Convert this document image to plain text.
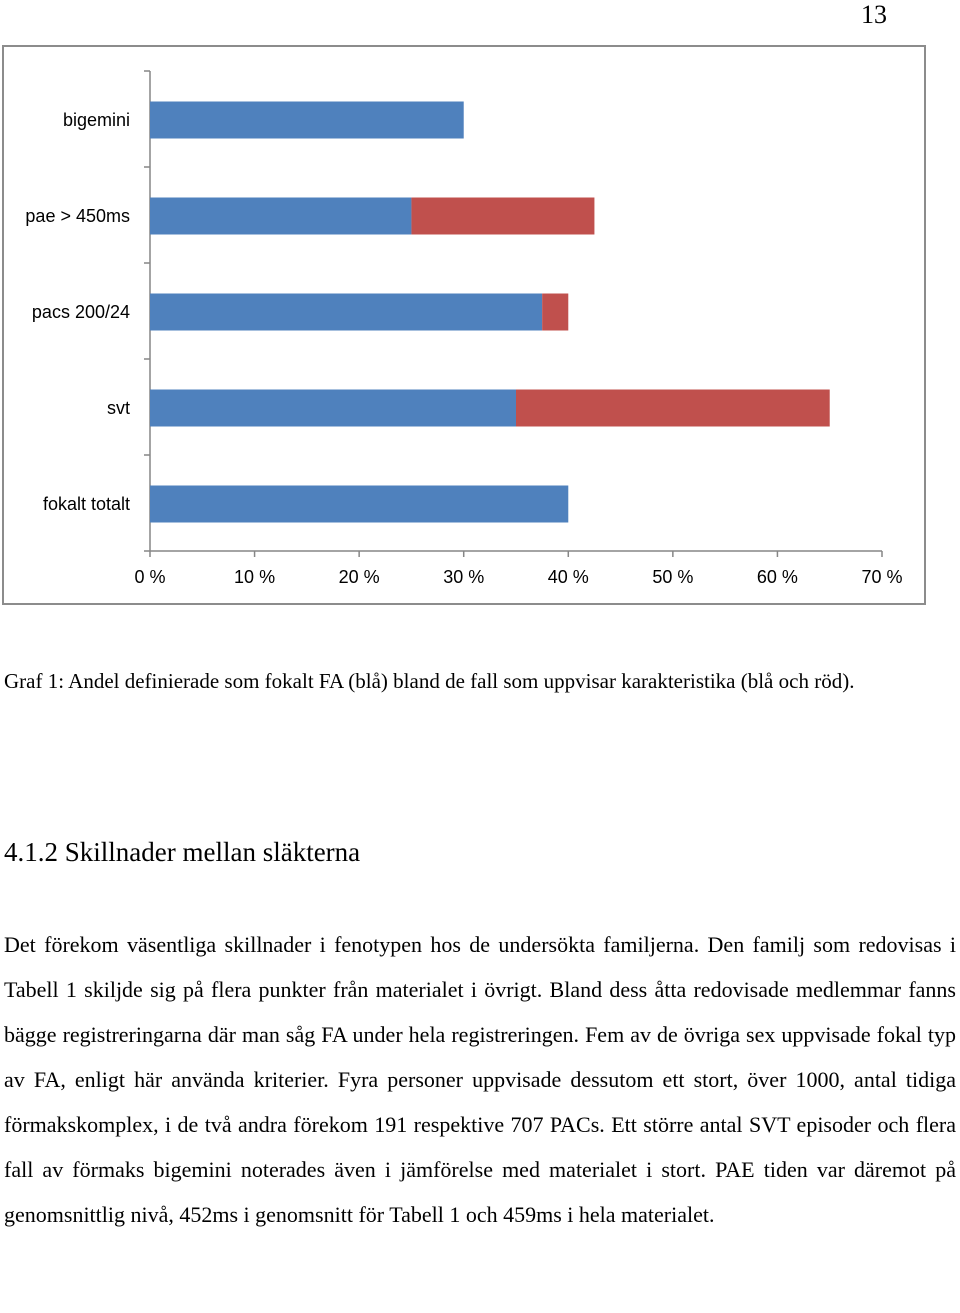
13
0 %	10 %	20 %	30 %	40 %	50 %	60 %	70 %
bigemini
pae > 450ms
pacs 200/24
svt
fokalt totalt
Graf 1: Andel definierade som fokalt FA (blå) bland de fall som uppvisar karakteristika (blå och röd).
4.1.2 Skillnader mellan släkterna

Det förekom väsentliga skillnader i fenotypen hos de undersökta familjerna. Den familj som redovisas i Tabell 1 skiljde sig på flera punkter från materialet i övrigt. Bland dess åtta redovisade medlemmar fanns bägge registreringarna där man såg FA under hela registreringen. Fem av de övriga sex uppvisade fokal typ av FA, enligt här använda kriterier. Fyra personer uppvisade dessutom ett stort, över 1000, antal tidiga förmakskomplex, i de två andra förekom 191 respektive 707 PACs. Ett större antal SVT episoder och flera fall av förmaks bigemini noterades även i jämförelse med materialet i stort. PAE tiden var däremot på genomsnittlig nivå, 452ms i genomsnitt för Tabell 1 och 459ms i hela materialet.
